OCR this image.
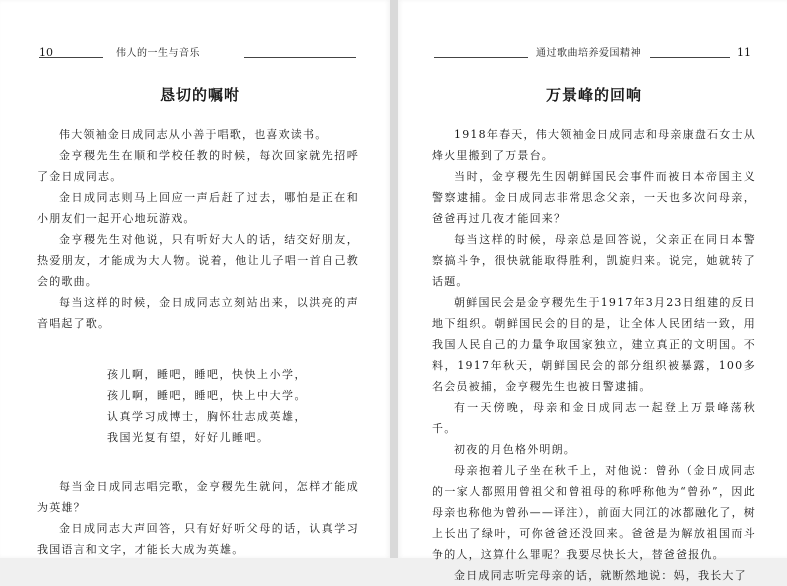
10	伟人的一生与音乐
恳切的嘱咐

伟大领袖金日成同志从小善于唱歌，也喜欢读书。

金亨稷先生在顺和学校任教的时候，每次回家就先招呼了金日成同志。

金日成同志则马上回应一声后赶了过去，哪怕是正在和小朋友们一起开心地玩游戏。

金亨稷先生对他说，只有听好大人的话，结交好朋友，热爱朋友，才能成为大人物。说着，他让儿子唱一首自己教会的歌曲。

每当这样的时候，金日成同志立刻站出来，以洪亮的声音唱起了歌。

孩儿啊，睡吧，睡吧，快快上小学，
孩儿啊，睡吧，睡吧，快上中大学。
认真学习成博士，胸怀壮志成英雄，
我国光复有望，好好儿睡吧。

每当金日成同志唱完歌，金亨稷先生就问，怎样才能成为英雄？

金日成同志大声回答，只有好好听父母的话，认真学习我国语言和文字，才能长大成为英雄。

通过歌曲培养爱国精神	11
万景峰的回响

1918年春天，伟大领袖金日成同志和母亲康盘石女士从烽火里搬到了万景台。

当时，金亨稷先生因朝鲜国民会事件而被日本帝国主义警察逮捕。金日成同志非常思念父亲，一天也多次问母亲，爸爸再过几夜才能回来？

每当这样的时候，母亲总是回答说，父亲正在同日本警察搞斗争，很快就能取得胜利，凯旋归来。说完，她就转了话题。

朝鲜国民会是金亨稷先生于1917年3月23日组建的反日地下组织。朝鲜国民会的目的是，让全体人民团结一致，用我国人民自己的力量争取国家独立，建立真正的文明国。不料，1917年秋天，朝鲜国民会的部分组织被暴露，100多名会员被捕，金亨稷先生也被日警逮捕。

有一天傍晚，母亲和金日成同志一起登上万景峰荡秋千。

初夜的月色格外明朗。

母亲抱着儿子坐在秋千上，对他说：曾孙（金日成同志的一家人都照用曾祖父和曾祖母的称呼称他为“曾孙”，因此母亲也称他为曾孙——译注），前面大同江的冰都融化了，树上长出了绿叶，可你爸爸还没回来。爸爸是为解放祖国而斗争的人，这算什么罪呢？我要尽快长大，替爸爸报仇。

金日成同志听完母亲的话，就断然地说：妈，我长大了
